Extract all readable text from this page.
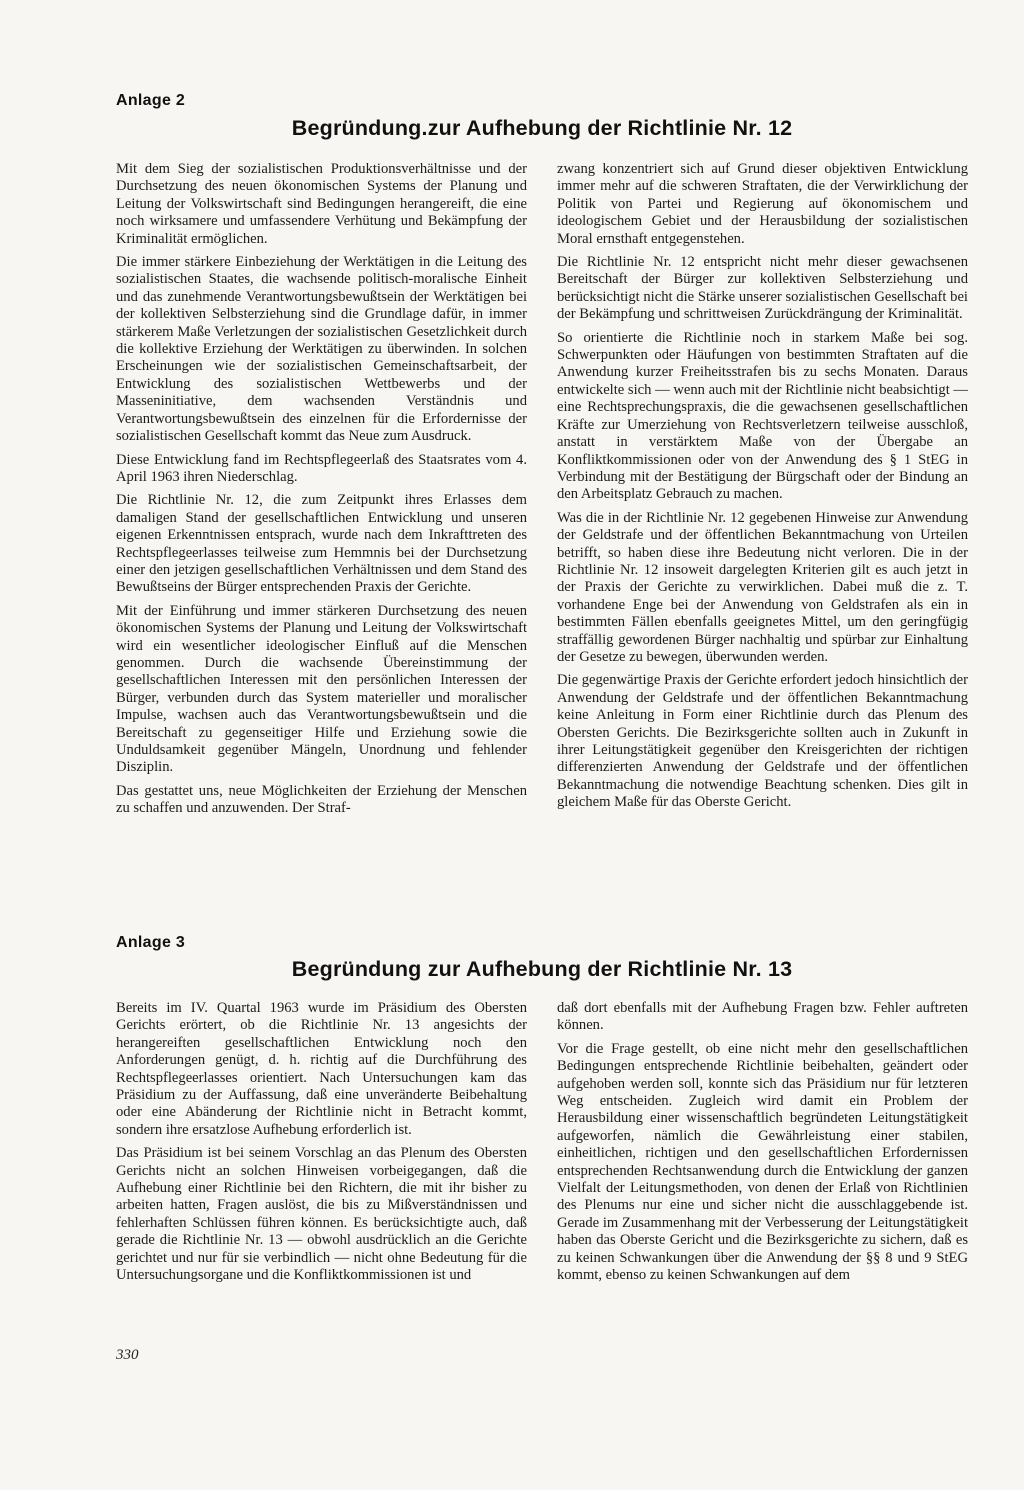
Anlage 2
Begründung.zur Aufhebung der Richtlinie Nr. 12

Mit dem Sieg der sozialistischen Produktionsverhältnisse und der Durchsetzung des neuen ökonomischen Systems der Planung und Leitung der Volkswirtschaft sind Bedingungen herangereift, die eine noch wirksamere und umfassendere Verhütung und Bekämpfung der Kriminalität ermöglichen.

Die immer stärkere Einbeziehung der Werktätigen in die Leitung des sozialistischen Staates, die wachsende politisch-moralische Einheit und das zunehmende Verantwortungsbewußtsein der Werktätigen bei der kollektiven Selbsterziehung sind die Grundlage dafür, in immer stärkerem Maße Verletzungen der sozialistischen Gesetzlichkeit durch die kollektive Erziehung der Werktätigen zu überwinden. In solchen Erscheinungen wie der sozialistischen Gemeinschaftsarbeit, der Entwicklung des sozialistischen Wettbewerbs und der Masseninitiative, dem wachsenden Verständnis und Verantwortungsbewußtsein des einzelnen für die Erfordernisse der sozialistischen Gesellschaft kommt das Neue zum Ausdruck.

Diese Entwicklung fand im Rechtspflegeerlaß des Staatsrates vom 4. April 1963 ihren Niederschlag.

Die Richtlinie Nr. 12, die zum Zeitpunkt ihres Erlasses dem damaligen Stand der gesellschaftlichen Entwicklung und unseren eigenen Erkenntnissen entsprach, wurde nach dem Inkrafttreten des Rechtspflegeerlasses teilweise zum Hemmnis bei der Durchsetzung einer den jetzigen gesellschaftlichen Verhältnissen und dem Stand des Bewußtseins der Bürger entsprechenden Praxis der Gerichte.

Mit der Einführung und immer stärkeren Durchsetzung des neuen ökonomischen Systems der Planung und Leitung der Volkswirtschaft wird ein wesentlicher ideologischer Einfluß auf die Menschen genommen. Durch die wachsende Übereinstimmung der gesellschaftlichen Interessen mit den persönlichen Interessen der Bürger, verbunden durch das System materieller und moralischer Impulse, wachsen auch das Verantwortungsbewußtsein und die Bereitschaft zu gegenseitiger Hilfe und Erziehung sowie die Unduldsamkeit gegenüber Mängeln, Unordnung und fehlender Disziplin.

Das gestattet uns, neue Möglichkeiten der Erziehung der Menschen zu schaffen und anzuwenden. Der Straf-

zwang konzentriert sich auf Grund dieser objektiven Entwicklung immer mehr auf die schweren Straftaten, die der Verwirklichung der Politik von Partei und Regierung auf ökonomischem und ideologischem Gebiet und der Herausbildung der sozialistischen Moral ernsthaft entgegenstehen.

Die Richtlinie Nr. 12 entspricht nicht mehr dieser gewachsenen Bereitschaft der Bürger zur kollektiven Selbsterziehung und berücksichtigt nicht die Stärke unserer sozialistischen Gesellschaft bei der Bekämpfung und schrittweisen Zurückdrängung der Kriminalität.

So orientierte die Richtlinie noch in starkem Maße bei sog. Schwerpunkten oder Häufungen von bestimmten Straftaten auf die Anwendung kurzer Freiheitsstrafen bis zu sechs Monaten. Daraus entwickelte sich — wenn auch mit der Richtlinie nicht beabsichtigt — eine Rechtsprechungspraxis, die die gewachsenen gesellschaftlichen Kräfte zur Umerziehung von Rechtsverletzern teilweise ausschloß, anstatt in verstärktem Maße von der Übergabe an Konfliktkommissionen oder von der Anwendung des § 1 StEG in Verbindung mit der Bestätigung der Bürgschaft oder der Bindung an den Arbeitsplatz Gebrauch zu machen.

Was die in der Richtlinie Nr. 12 gegebenen Hinweise zur Anwendung der Geldstrafe und der öffentlichen Bekanntmachung von Urteilen betrifft, so haben diese ihre Bedeutung nicht verloren. Die in der Richtlinie Nr. 12 insoweit dargelegten Kriterien gilt es auch jetzt in der Praxis der Gerichte zu verwirklichen. Dabei muß die z. T. vorhandene Enge bei der Anwendung von Geldstrafen als ein in bestimmten Fällen ebenfalls geeignetes Mittel, um den geringfügig straffällig gewordenen Bürger nachhaltig und spürbar zur Einhaltung der Gesetze zu bewegen, überwunden werden.

Die gegenwärtige Praxis der Gerichte erfordert jedoch hinsichtlich der Anwendung der Geldstrafe und der öffentlichen Bekanntmachung keine Anleitung in Form einer Richtlinie durch das Plenum des Obersten Gerichts. Die Bezirksgerichte sollten auch in Zukunft in ihrer Leitungstätigkeit gegenüber den Kreisgerichten der richtigen differenzierten Anwendung der Geldstrafe und der öffentlichen Bekanntmachung die notwendige Beachtung schenken. Dies gilt in gleichem Maße für das Oberste Gericht.

Anlage 3
Begründung zur Aufhebung der Richtlinie Nr. 13

Bereits im IV. Quartal 1963 wurde im Präsidium des Obersten Gerichts erörtert, ob die Richtlinie Nr. 13 angesichts der herangereiften gesellschaftlichen Entwicklung noch den Anforderungen genügt, d. h. richtig auf die Durchführung des Rechtspflegeerlasses orientiert. Nach Untersuchungen kam das Präsidium zu der Auffassung, daß eine unveränderte Beibehaltung oder eine Abänderung der Richtlinie nicht in Betracht kommt, sondern ihre ersatzlose Aufhebung erforderlich ist.

Das Präsidium ist bei seinem Vorschlag an das Plenum des Obersten Gerichts nicht an solchen Hinweisen vorbeigegangen, daß die Aufhebung einer Richtlinie bei den Richtern, die mit ihr bisher zu arbeiten hatten, Fragen auslöst, die bis zu Mißverständnissen und fehlerhaften Schlüssen führen können. Es berücksichtigte auch, daß gerade die Richtlinie Nr. 13 — obwohl ausdrücklich an die Gerichte gerichtet und nur für sie verbindlich — nicht ohne Bedeutung für die Untersuchungsorgane und die Konfliktkommissionen ist und

daß dort ebenfalls mit der Aufhebung Fragen bzw. Fehler auftreten können.

Vor die Frage gestellt, ob eine nicht mehr den gesellschaftlichen Bedingungen entsprechende Richtlinie beibehalten, geändert oder aufgehoben werden soll, konnte sich das Präsidium nur für letzteren Weg entscheiden. Zugleich wird damit ein Problem der Herausbildung einer wissenschaftlich begründeten Leitungstätigkeit aufgeworfen, nämlich die Gewährleistung einer stabilen, einheitlichen, richtigen und den gesellschaftlichen Erfordernissen entsprechenden Rechtsanwendung durch die Entwicklung der ganzen Vielfalt der Leitungsmethoden, von denen der Erlaß von Richtlinien des Plenums nur eine und sicher nicht die ausschlaggebende ist. Gerade im Zusammenhang mit der Verbesserung der Leitungstätigkeit haben das Oberste Gericht und die Bezirksgerichte zu sichern, daß es zu keinen Schwankungen über die Anwendung der §§ 8 und 9 StEG kommt, ebenso zu keinen Schwankungen auf dem

330
